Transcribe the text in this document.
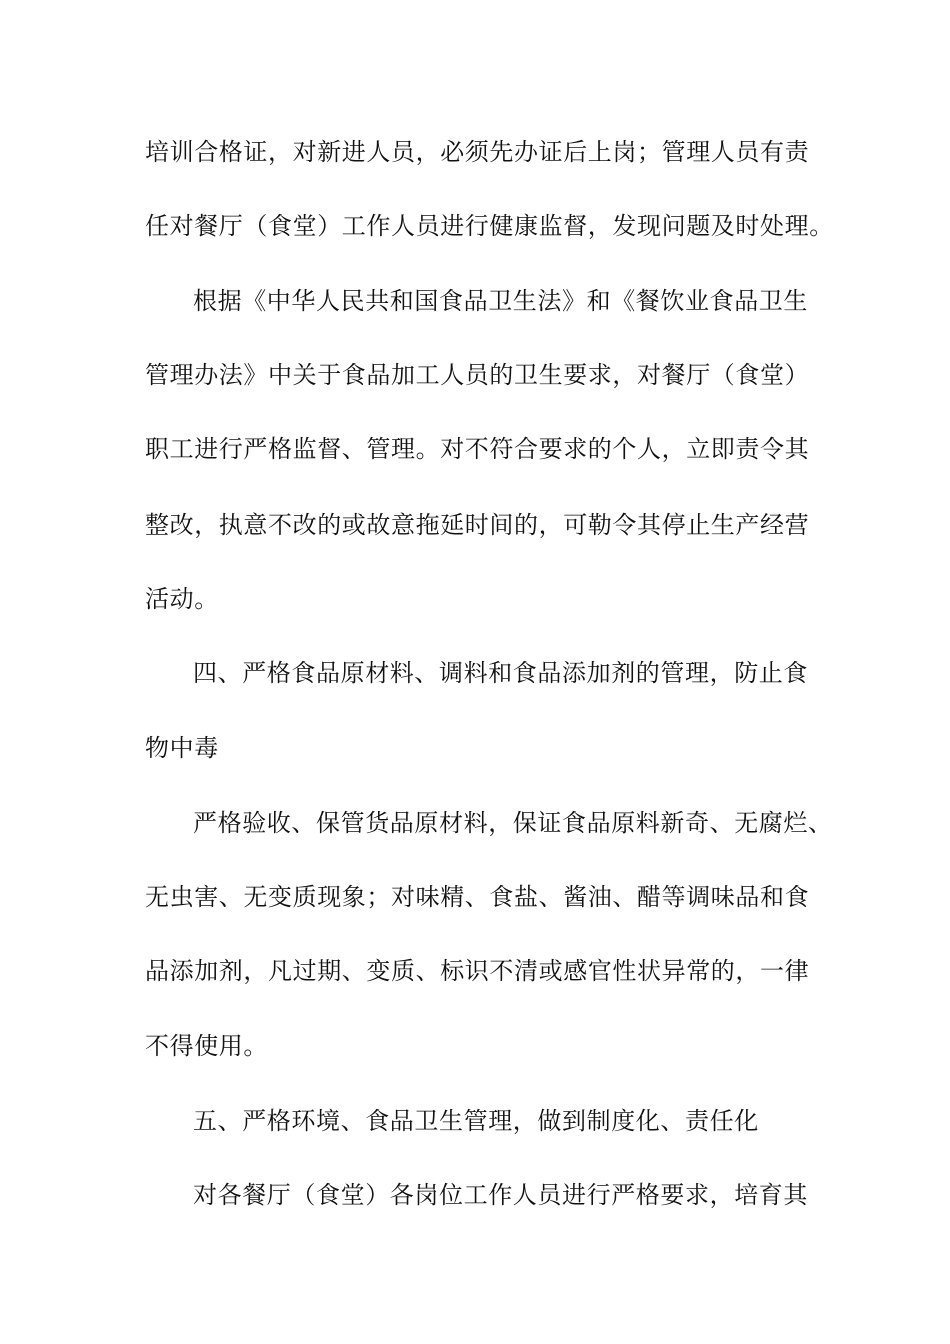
培训合格证，对新进人员，必须先办证后上岗；管理人员有责

任对餐厅（食堂）工作人员进行健康监督，发现问题及时处理。

根据《中华人民共和国食品卫生法》和《餐饮业食品卫生

管理办法》中关于食品加工人员的卫生要求，对餐厅（食堂）

职工进行严格监督、管理。对不符合要求的个人，立即责令其

整改，执意不改的或故意拖延时间的，可勒令其停止生产经营

活动。

四、严格食品原材料、调料和食品添加剂的管理，防止食

物中毒

严格验收、保管货品原材料，保证食品原料新奇、无腐烂、

无虫害、无变质现象；对味精、食盐、酱油、醋等调味品和食

品添加剂，凡过期、变质、标识不清或感官性状异常的，一律

不得使用。

五、严格环境、食品卫生管理，做到制度化、责任化

对各餐厅（食堂）各岗位工作人员进行严格要求，培育其
